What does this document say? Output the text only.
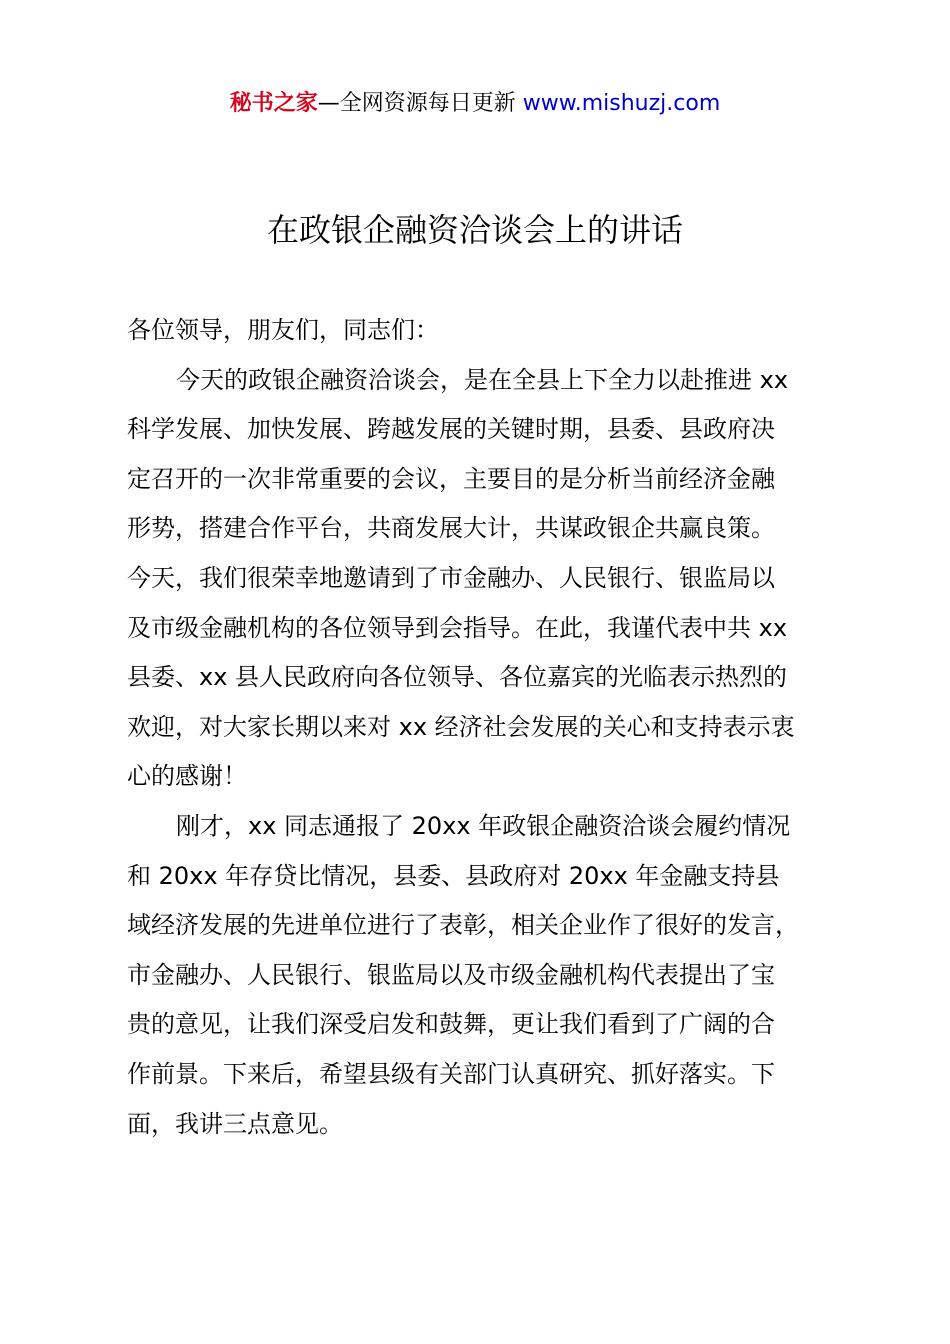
秘书之家—全网资源每日更新 www.mishuzj.com
在政银企融资洽谈会上的讲话
各位领导，朋友们，同志们：
今天的政银企融资洽谈会，是在全县上下全力以赴推进 xx
科学发展、加快发展、跨越发展的关键时期，县委、县政府决
定召开的一次非常重要的会议，主要目的是分析当前经济金融
形势，搭建合作平台，共商发展大计，共谋政银企共赢良策。
今天，我们很荣幸地邀请到了市金融办、人民银行、银监局以
及市级金融机构的各位领导到会指导。在此，我谨代表中共 xx
县委、xx 县人民政府向各位领导、各位嘉宾的光临表示热烈的
欢迎，对大家长期以来对 xx 经济社会发展的关心和支持表示衷
心的感谢！
刚才，xx 同志通报了 20xx 年政银企融资洽谈会履约情况
和 20xx 年存贷比情况，县委、县政府对 20xx 年金融支持县
域经济发展的先进单位进行了表彰，相关企业作了很好的发言，
市金融办、人民银行、银监局以及市级金融机构代表提出了宝
贵的意见，让我们深受启发和鼓舞，更让我们看到了广阔的合
作前景。下来后，希望县级有关部门认真研究、抓好落实。下
面，我讲三点意见。
